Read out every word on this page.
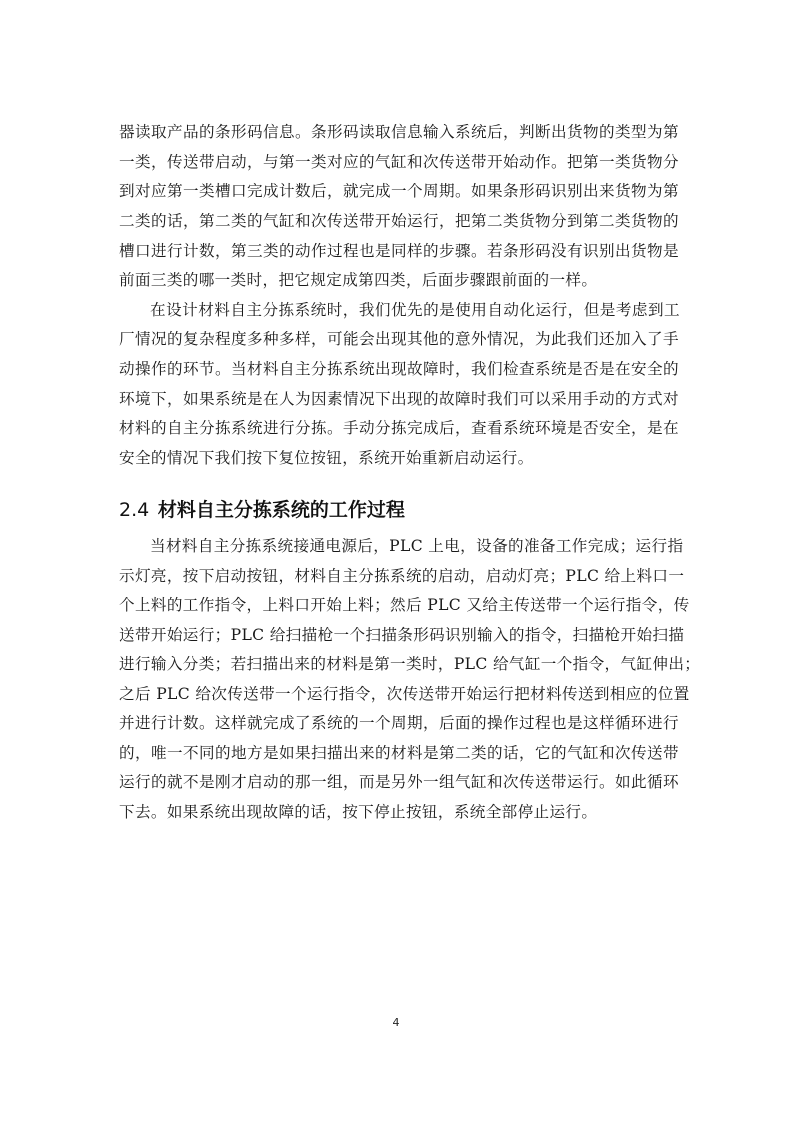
器读取产品的条形码信息。条形码读取信息输入系统后，判断出货物的类型为第
一类，传送带启动，与第一类对应的气缸和次传送带开始动作。把第一类货物分
到对应第一类槽口完成计数后，就完成一个周期。如果条形码识别出来货物为第
二类的话，第二类的气缸和次传送带开始运行，把第二类货物分到第二类货物的
槽口进行计数，第三类的动作过程也是同样的步骤。若条形码没有识别出货物是
前面三类的哪一类时，把它规定成第四类，后面步骤跟前面的一样。
在设计材料自主分拣系统时，我们优先的是使用自动化运行，但是考虑到工
厂情况的复杂程度多种多样，可能会出现其他的意外情况，为此我们还加入了手
动操作的环节。当材料自主分拣系统出现故障时，我们检查系统是否是在安全的
环境下，如果系统是在人为因素情况下出现的故障时我们可以采用手动的方式对
材料的自主分拣系统进行分拣。手动分拣完成后，查看系统环境是否安全，是在
安全的情况下我们按下复位按钮，系统开始重新启动运行。
2.4 材料自主分拣系统的工作过程
当材料自主分拣系统接通电源后，PLC 上电，设备的准备工作完成；运行指
示灯亮，按下启动按钮，材料自主分拣系统的启动，启动灯亮；PLC 给上料口一
个上料的工作指令，上料口开始上料；然后 PLC 又给主传送带一个运行指令，传
送带开始运行；PLC 给扫描枪一个扫描条形码识别输入的指令，扫描枪开始扫描
进行输入分类；若扫描出来的材料是第一类时，PLC 给气缸一个指令，气缸伸出；
之后 PLC 给次传送带一个运行指令，次传送带开始运行把材料传送到相应的位置
并进行计数。这样就完成了系统的一个周期，后面的操作过程也是这样循环进行
的，唯一不同的地方是如果扫描出来的材料是第二类的话，它的气缸和次传送带
运行的就不是刚才启动的那一组，而是另外一组气缸和次传送带运行。如此循环
下去。如果系统出现故障的话，按下停止按钮，系统全部停止运行。
4
